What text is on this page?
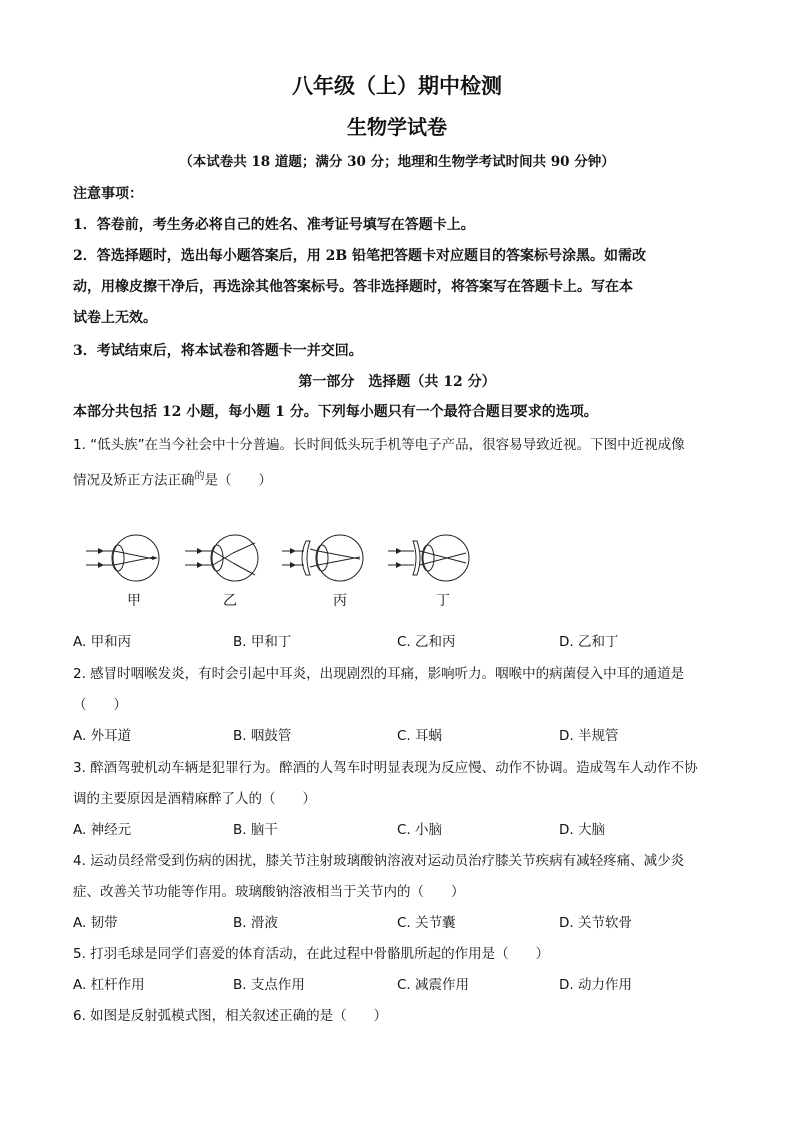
八年级（上）期中检测
生物学试卷
（本试卷共 18 道题；满分 30 分；地理和生物学考试时间共 90 分钟）
注意事项：
1．答卷前，考生务必将自己的姓名、准考证号填写在答题卡上。
2．答选择题时，选出每小题答案后，用 2B 铅笔把答题卡对应题目的答案标号涂黑。如需改
动，用橡皮擦干净后，再选涂其他答案标号。答非选择题时，将答案写在答题卡上。写在本
试卷上无效。
3．考试结束后，将本试卷和答题卡一并交回。
第一部分　选择题（共 12 分）
本部分共包括 12 小题，每小题 1 分。下列每小题只有一个最符合题目要求的选项。
1. “低头族”在当今社会中十分普遍。长时间低头玩手机等电子产品，很容易导致近视。下图中近视成像
情况及矫正方法正确$^的$是（　　）
甲	乙	丙	丁
A. 甲和丙	B. 甲和丁	C. 乙和丙	D. 乙和丁
2. 感冒时咽喉发炎，有时会引起中耳炎，出现剧烈的耳痛，影响听力。咽喉中的病菌侵入中耳的通道是
（　　）
A. 外耳道	B. 咽鼓管	C. 耳蜗	D. 半规管
3. 醉酒驾驶机动车辆是犯罪行为。醉酒的人驾车时明显表现为反应慢、动作不协调。造成驾车人动作不协
调的主要原因是酒精麻醉了人的（　　）
A. 神经元	B. 脑干	C. 小脑	D. 大脑
4. 运动员经常受到伤病的困扰，膝关节注射玻璃酸钠溶液对运动员治疗膝关节疾病有减轻疼痛、减少炎
症、改善关节功能等作用。玻璃酸钠溶液相当于关节内的（　　）
A. 韧带	B. 滑液	C. 关节囊	D. 关节软骨
5. 打羽毛球是同学们喜爱的体育活动，在此过程中骨骼肌所起的作用是（　　）
A. 杠杆作用	B. 支点作用	C. 减震作用	D. 动力作用
6. 如图是反射弧模式图，相关叙述正确的是（　　）
